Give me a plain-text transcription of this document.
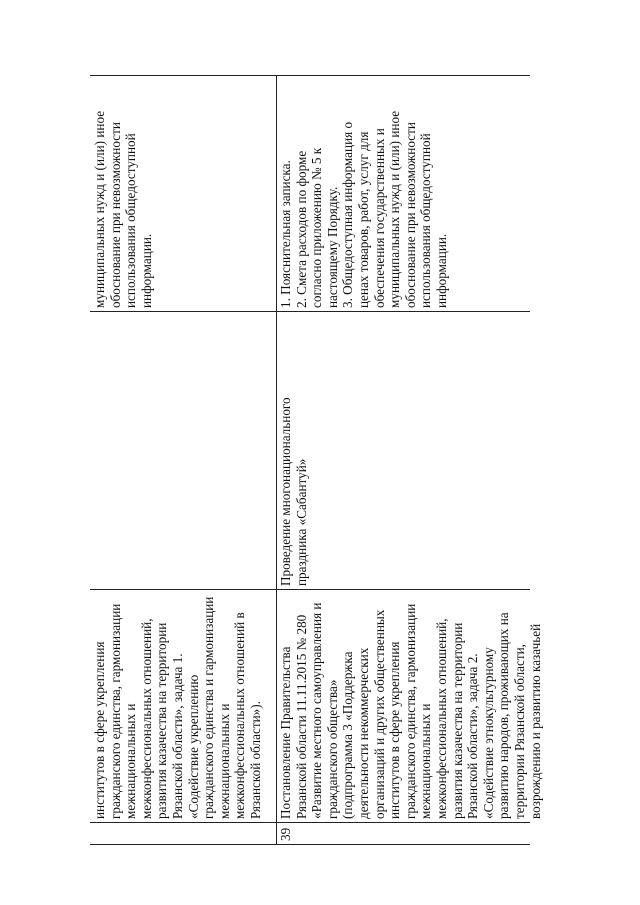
институтов в сфере укрепления гражданского единства, гармонизации межнациональных и межконфессиональных отношений, развития казачества на территории Рязанской области», задача 1. «Содействие укреплению гражданского единства и гармонизации межнациональных и межконфессиональных отношений в Рязанской области»).
муниципальных нужд и (или) иное обоснование при невозможности использования общедоступной информации.
39
Постановление Правительства Рязанской области 11.11.2015 № 280 «Развитие местного самоуправления и гражданского общества» (подпрограмма 3 «Поддержка деятельности некоммерческих организаций и других общественных институтов в сфере укрепления гражданского единства, гармонизации межнациональных и межконфессиональных отношений, развития казачества на территории Рязанской области», задача 2. «Содействие этнокультурному развитию народов, проживающих на территории Рязанской области, возрождению и развитию казачьей
Проведение многонационального праздника «Сабантуй»
1. Пояснительная записка. 2. Смета расходов по форме согласно приложению № 5 к настоящему Порядку. 3. Общедоступная информация о ценах товаров, работ, услуг для обеспечения государственных и муниципальных нужд и (или) иное обоснование при невозможности использования общедоступной информации.
